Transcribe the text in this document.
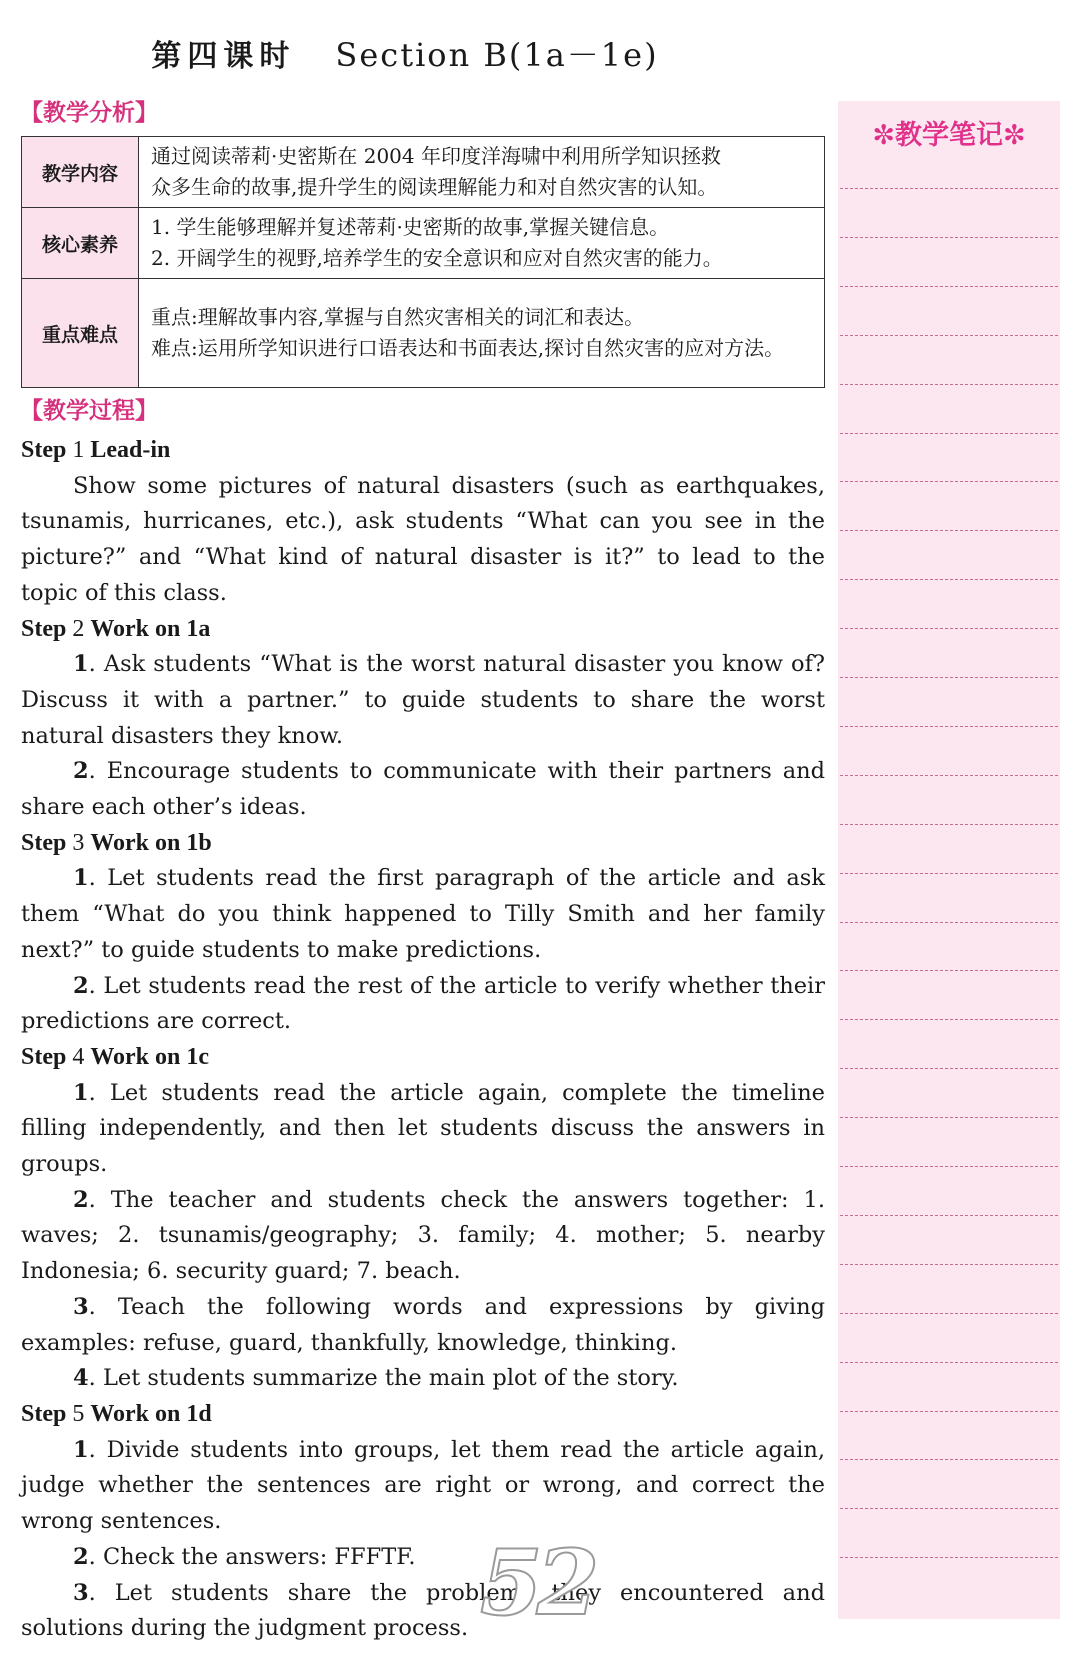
第四课时 Section B(1a－1e)
【教学分析】
教学内容	通过阅读蒂莉·史密斯在 2004 年印度洋海啸中利用所学知识拯救
众多生命的故事,提升学生的阅读理解能力和对自然灾害的认知。

核心素养	1. 学生能够理解并复述蒂莉·史密斯的故事,掌握关键信息。
2. 开阔学生的视野,培养学生的安全意识和应对自然灾害的能力。

重点难点	重点:理解故事内容,掌握与自然灾害相关的词汇和表达。
难点:运用所学知识进行口语表达和书面表达,探讨自然灾害的应对方法。
【教学过程】
Step 1 Lead-in

Show some pictures of natural disasters (such as earthquakes, tsunamis, hurricanes, etc.), ask students “What can you see in the picture?” and “What kind of natural disaster is it?” to lead to the topic of this class.

Step 2 Work on 1a

1. Ask students “What is the worst natural disaster you know of? Discuss it with a partner.” to guide students to share the worst natural disasters they know.

2. Encourage students to communicate with their partners and share each other’s ideas.

Step 3 Work on 1b

1. Let students read the first paragraph of the article and ask them “What do you think happened to Tilly Smith and her family next?” to guide students to make predictions.

2. Let students read the rest of the article to verify whether their predictions are correct.

Step 4 Work on 1c

1. Let students read the article again, complete the timeline filling independently, and then let students discuss the answers in groups.

2. The teacher and students check the answers together: 1. waves; 2. tsunamis/geography; 3. family; 4. mother; 5. nearby Indonesia; 6. security guard; 7. beach.

3. Teach the following words and expressions by giving examples: refuse, guard, thankfully, knowledge, thinking.

4. Let students summarize the main plot of the story.

Step 5 Work on 1d

1. Divide students into groups, let them read the article again, judge whether the sentences are right or wrong, and correct the wrong sentences.

2. Check the answers: FFFTF.

3. Let students share the problems they encountered and solutions during the judgment process.

✼教学笔记✼
52
